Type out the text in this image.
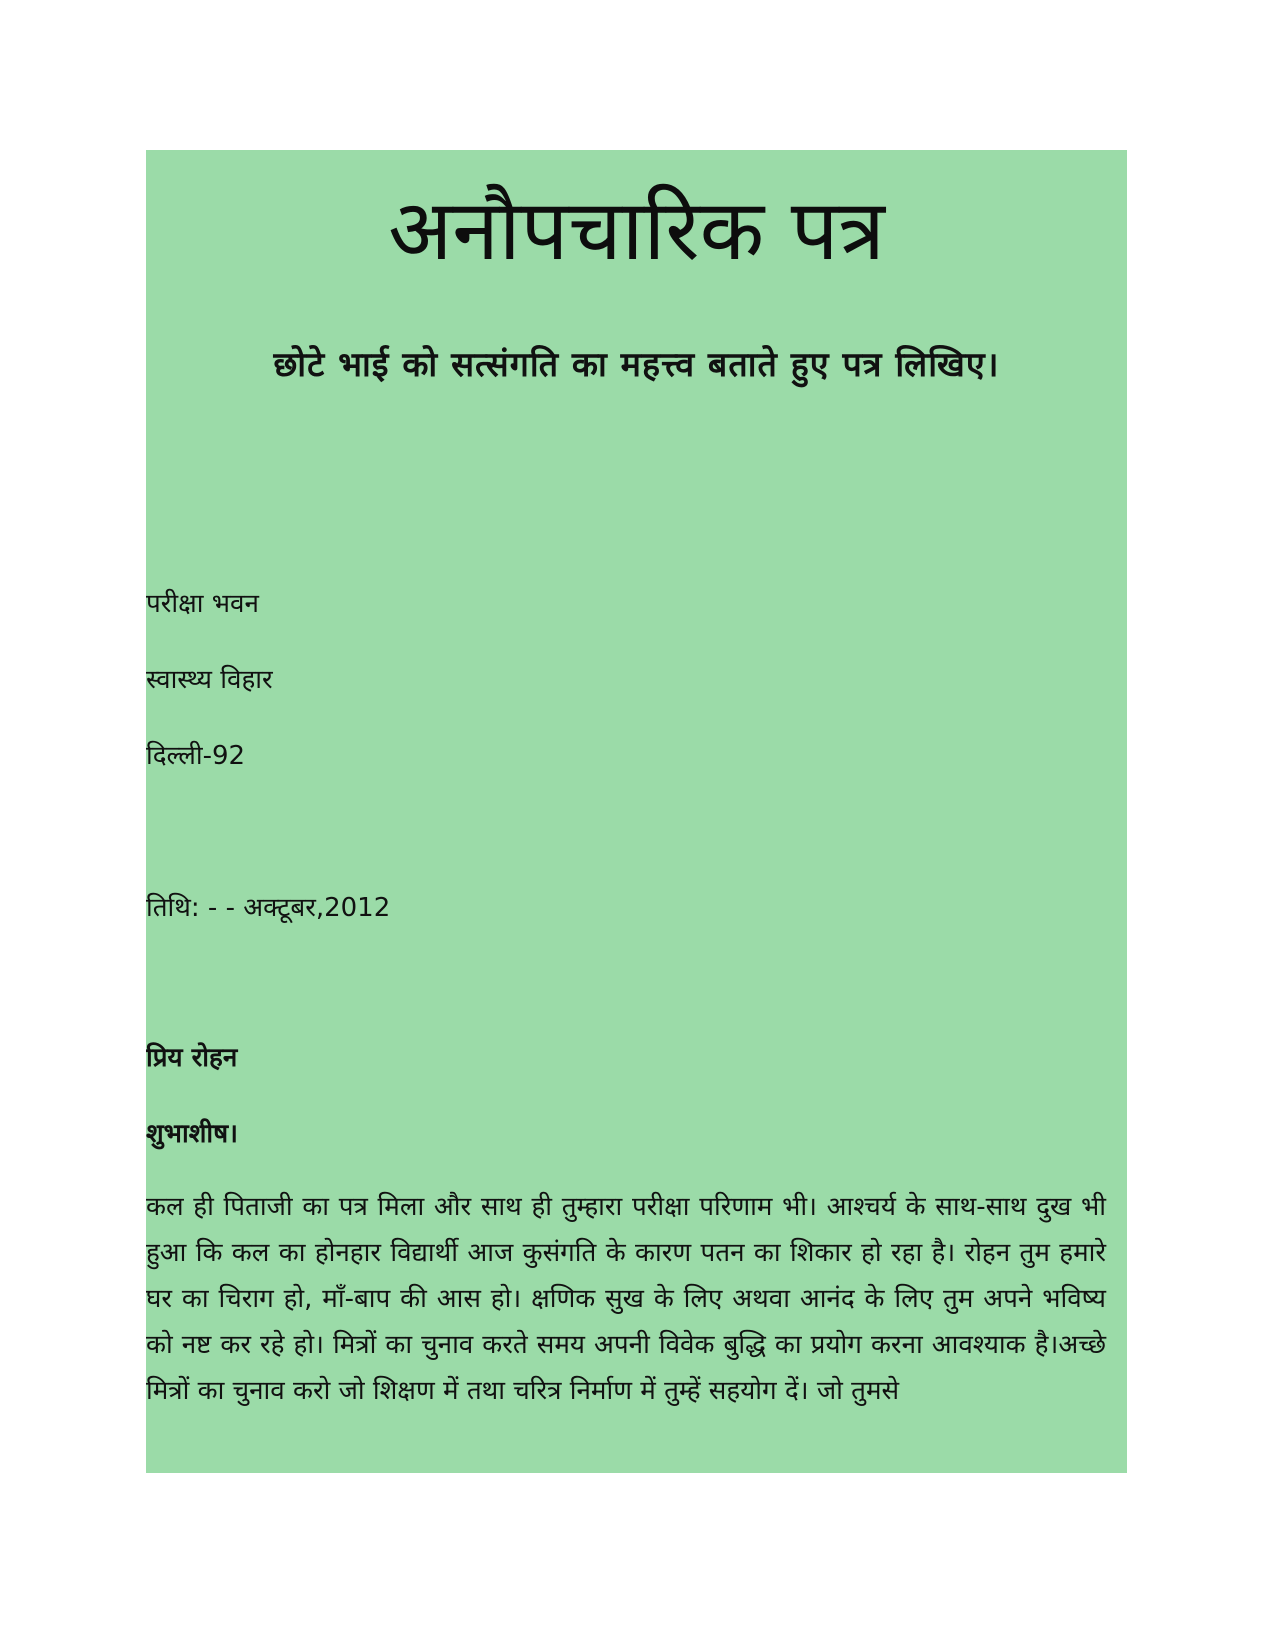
अनौपचारिक पत्र
छोटे भाई को सत्संगति का महत्त्व बताते हुए पत्र लिखिए।

परीक्षा भवन

स्वास्थ्य विहार

दिल्ली-92

तिथि: - - अक्टूबर,2012

प्रिय रोहन

शुभाशीष।

कल ही पिताजी का पत्र मिला और साथ ही तुम्हारा परीक्षा परिणाम भी। आश्चर्य के साथ-साथ दुख भी हुआ कि कल का होनहार विद्यार्थी आज कुसंगति के कारण पतन का शिकार हो रहा है। रोहन तुम हमारे घर का चिराग हो, माँ-बाप की आस हो। क्षणिक सुख के लिए अथवा आनंद के लिए तुम अपने भविष्य को नष्ट कर रहे हो। मित्रों का चुनाव करते समय अपनी विवेक बुद्धि का प्रयोग करना आवश्याक है।अच्छे मित्रों का चुनाव करो जो शिक्षण में तथा चरित्र निर्माण में तुम्हें सहयोग दें। जो तुमसे
